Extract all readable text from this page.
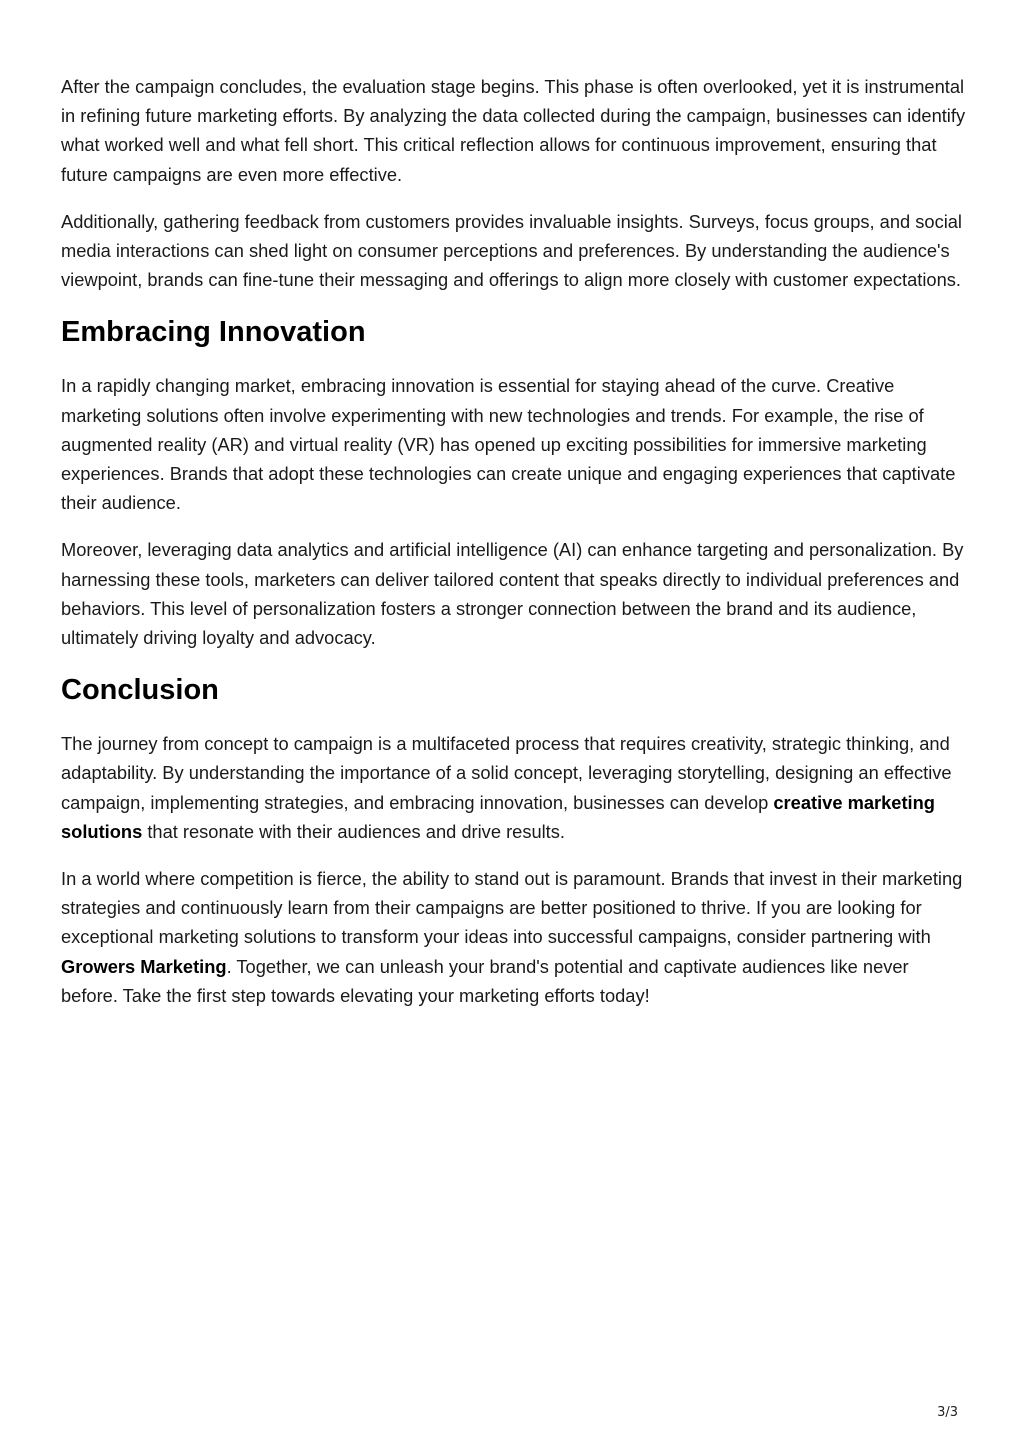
After the campaign concludes, the evaluation stage begins. This phase is often overlooked, yet it is instrumental in refining future marketing efforts. By analyzing the data collected during the campaign, businesses can identify what worked well and what fell short. This critical reflection allows for continuous improvement, ensuring that future campaigns are even more effective.

Additionally, gathering feedback from customers provides invaluable insights. Surveys, focus groups, and social media interactions can shed light on consumer perceptions and preferences. By understanding the audience's viewpoint, brands can fine-tune their messaging and offerings to align more closely with customer expectations.

Embracing Innovation

In a rapidly changing market, embracing innovation is essential for staying ahead of the curve. Creative marketing solutions often involve experimenting with new technologies and trends. For example, the rise of augmented reality (AR) and virtual reality (VR) has opened up exciting possibilities for immersive marketing experiences. Brands that adopt these technologies can create unique and engaging experiences that captivate their audience.

Moreover, leveraging data analytics and artificial intelligence (AI) can enhance targeting and personalization. By harnessing these tools, marketers can deliver tailored content that speaks directly to individual preferences and behaviors. This level of personalization fosters a stronger connection between the brand and its audience, ultimately driving loyalty and advocacy.

Conclusion

The journey from concept to campaign is a multifaceted process that requires creativity, strategic thinking, and adaptability. By understanding the importance of a solid concept, leveraging storytelling, designing an effective campaign, implementing strategies, and embracing innovation, businesses can develop creative marketing solutions that resonate with their audiences and drive results.

In a world where competition is fierce, the ability to stand out is paramount. Brands that invest in their marketing strategies and continuously learn from their campaigns are better positioned to thrive. If you are looking for exceptional marketing solutions to transform your ideas into successful campaigns, consider partnering with Growers Marketing. Together, we can unleash your brand's potential and captivate audiences like never before. Take the first step towards elevating your marketing efforts today!

3/3
